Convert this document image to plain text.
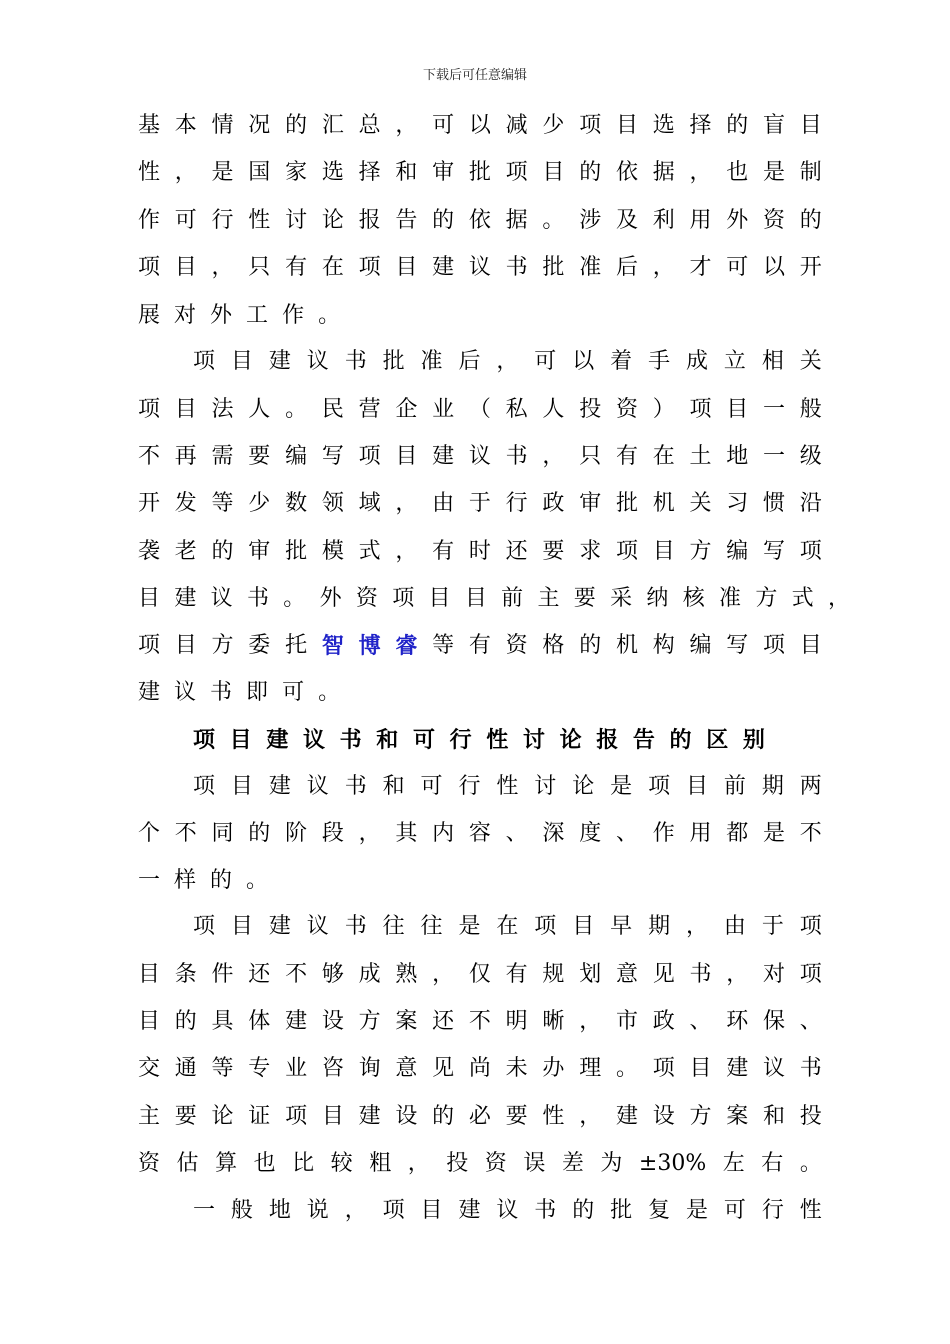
下载后可任意编辑
基 本 情 况 的 汇 总 ， 可 以 减 少 项 目 选 择 的 盲 目
性 ， 是 国 家 选 择 和 审 批 项 目 的 依 据 ， 也 是 制
作 可 行 性 讨 论 报 告 的 依 据 。 涉 及 利 用 外 资 的
项 目 ， 只 有 在 项 目 建 议 书 批 准 后 ， 才 可 以 开
展 对 外 工 作 。
项 目 建 议 书 批 准 后 ， 可 以 着 手 成 立 相 关
项 目 法 人 。 民 营 企 业 （ 私 人 投 资 ） 项 目 一 般
不 再 需 要 编 写 项 目 建 议 书 ， 只 有 在 土 地 一 级
开 发 等 少 数 领 域 ， 由 于 行 政 审 批 机 关 习 惯 沿
袭 老 的 审 批 模 式 ， 有 时 还 要 求 项 目 方 编 写 项
目 建 议 书 。 外 资 项 目 目 前 主 要 采 纳 核 准 方 式 ，
项 目 方 委 托 智 博 睿 等 有 资 格 的 机 构 编 写 项 目
建 议 书 即 可 。
项 目 建 议 书 和 可 行 性 讨 论 报 告 的 区 别
项 目 建 议 书 和 可 行 性 讨 论 是 项 目 前 期 两
个 不 同 的 阶 段 ， 其 内 容 、 深 度 、 作 用 都 是 不
一 样 的 。
项 目 建 议 书 往 往 是 在 项 目 早 期 ， 由 于 项
目 条 件 还 不 够 成 熟 ， 仅 有 规 划 意 见 书 ， 对 项
目 的 具 体 建 设 方 案 还 不 明 晰 ， 市 政 、 环 保 、
交 通 等 专 业 咨 询 意 见 尚 未 办 理 。 项 目 建 议 书
主 要 论 证 项 目 建 设 的 必 要 性 ， 建 设 方 案 和 投
资 估 算 也 比 较 粗 ， 投 资 误 差 为 ±30% 左 右 。
一 般 地 说 ， 项 目 建 议 书 的 批 复 是 可 行 性
